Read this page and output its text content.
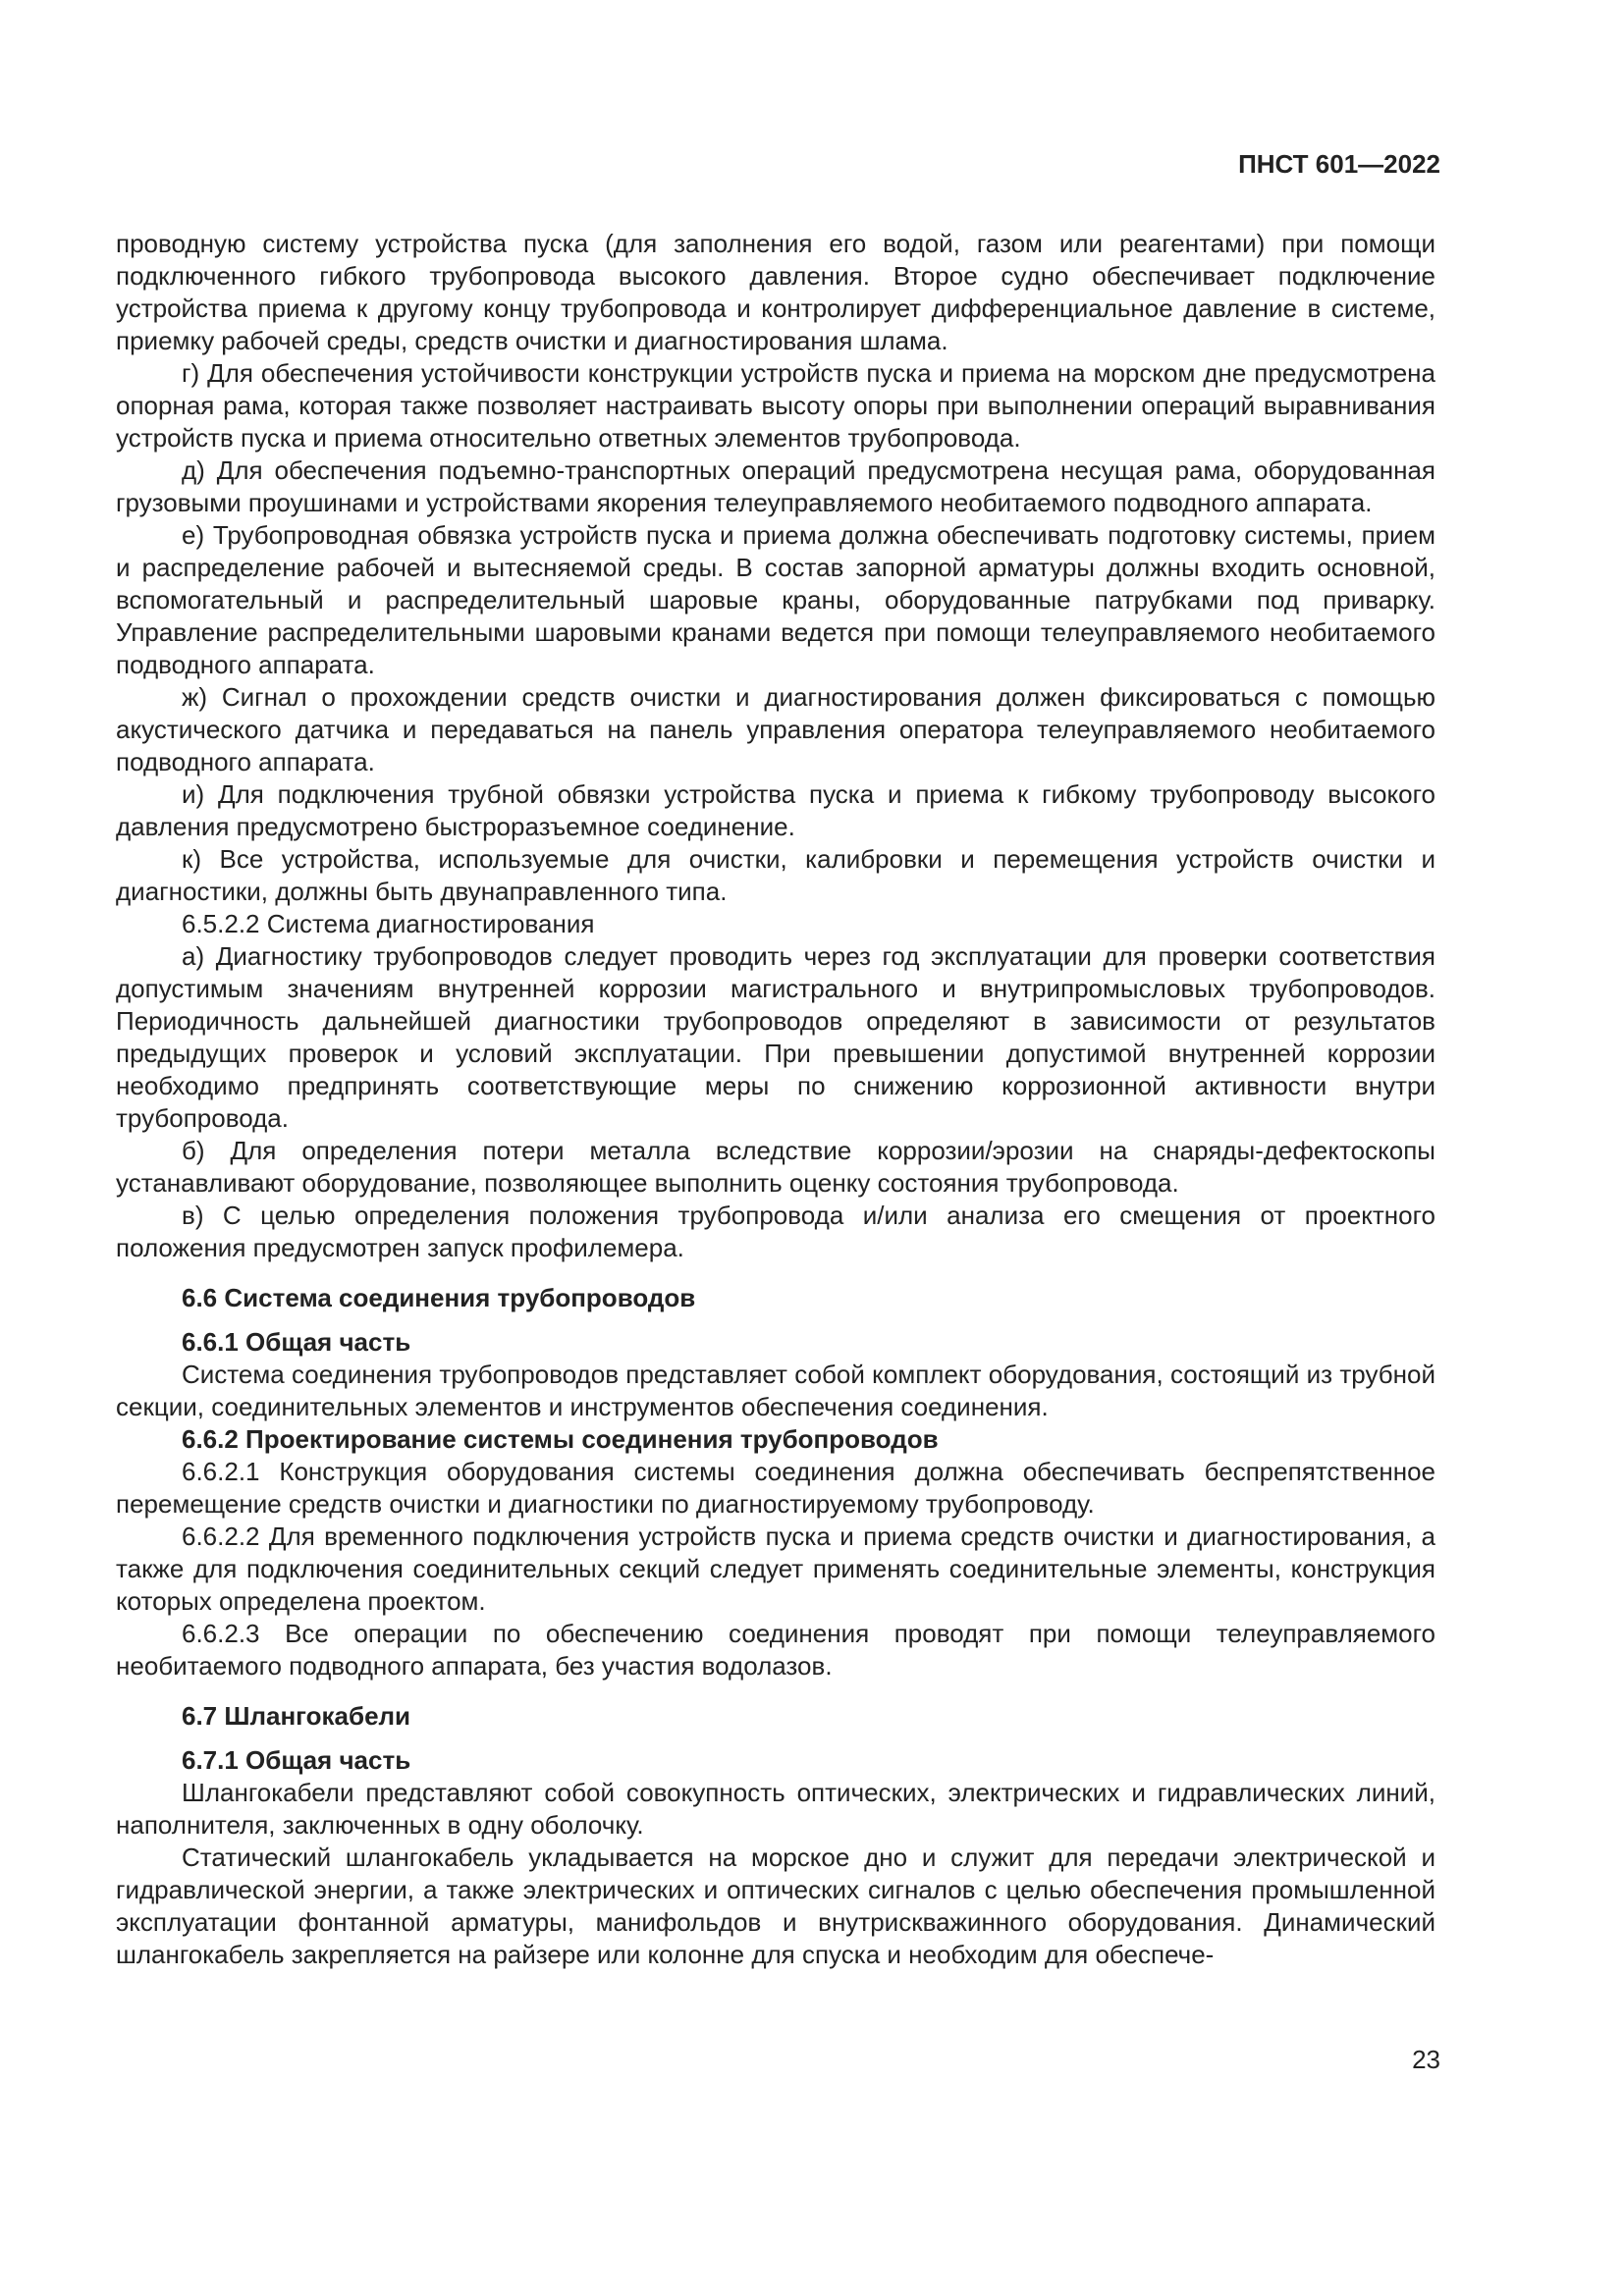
ПНСТ 601—2022

проводную систему устройства пуска (для заполнения его водой, газом или реагентами) при помощи подключенного гибкого трубопровода высокого давления. Второе судно обеспечивает подключение устройства приема к другому концу трубопровода и контролирует дифференциальное давление в системе, приемку рабочей среды, средств очистки и диагностирования шлама.

г) Для обеспечения устойчивости конструкции устройств пуска и приема на морском дне предусмотрена опорная рама, которая также позволяет настраивать высоту опоры при выполнении операций выравнивания устройств пуска и приема относительно ответных элементов трубопровода.

д) Для обеспечения подъемно-транспортных операций предусмотрена несущая рама, оборудованная грузовыми проушинами и устройствами якорения телеуправляемого необитаемого подводного аппарата.

е) Трубопроводная обвязка устройств пуска и приема должна обеспечивать подготовку системы, прием и распределение рабочей и вытесняемой среды. В состав запорной арматуры должны входить основной, вспомогательный и распределительный шаровые краны, оборудованные патрубками под приварку. Управление распределительными шаровыми кранами ведется при помощи телеуправляемого необитаемого подводного аппарата.

ж) Сигнал о прохождении средств очистки и диагностирования должен фиксироваться с помощью акустического датчика и передаваться на панель управления оператора телеуправляемого необитаемого подводного аппарата.

и) Для подключения трубной обвязки устройства пуска и приема к гибкому трубопроводу высокого давления предусмотрено быстроразъемное соединение.

к) Все устройства, используемые для очистки, калибровки и перемещения устройств очистки и диагностики, должны быть двунаправленного типа.

6.5.2.2 Система диагностирования

а) Диагностику трубопроводов следует проводить через год эксплуатации для проверки соответствия допустимым значениям внутренней коррозии магистрального и внутрипромысловых трубопроводов. Периодичность дальнейшей диагностики трубопроводов определяют в зависимости от результатов предыдущих проверок и условий эксплуатации. При превышении допустимой внутренней коррозии необходимо предпринять соответствующие меры по снижению коррозионной активности внутри трубопровода.

б) Для определения потери металла вследствие коррозии/эрозии на снаряды-дефектоскопы устанавливают оборудование, позволяющее выполнить оценку состояния трубопровода.

в) С целью определения положения трубопровода и/или анализа его смещения от проектного положения предусмотрен запуск профилемера.

6.6 Система соединения трубопроводов
6.6.1 Общая часть

Система соединения трубопроводов представляет собой комплект оборудования, состоящий из трубной секции, соединительных элементов и инструментов обеспечения соединения.

6.6.2 Проектирование системы соединения трубопроводов

6.6.2.1 Конструкция оборудования системы соединения должна обеспечивать беспрепятственное перемещение средств очистки и диагностики по диагностируемому трубопроводу.

6.6.2.2 Для временного подключения устройств пуска и приема средств очистки и диагностирования, а также для подключения соединительных секций следует применять соединительные элементы, конструкция которых определена проектом.

6.6.2.3 Все операции по обеспечению соединения проводят при помощи телеуправляемого необитаемого подводного аппарата, без участия водолазов.

6.7 Шлангокабели
6.7.1 Общая часть

Шлангокабели представляют собой совокупность оптических, электрических и гидравлических линий, наполнителя, заключенных в одну оболочку.

Статический шлангокабель укладывается на морское дно и служит для передачи электрической и гидравлической энергии, а также электрических и оптических сигналов с целью обеспечения промышленной эксплуатации фонтанной арматуры, манифольдов и внутрискважинного оборудования. Динамический шлангокабель закрепляется на райзере или колонне для спуска и необходим для обеспече-

23
